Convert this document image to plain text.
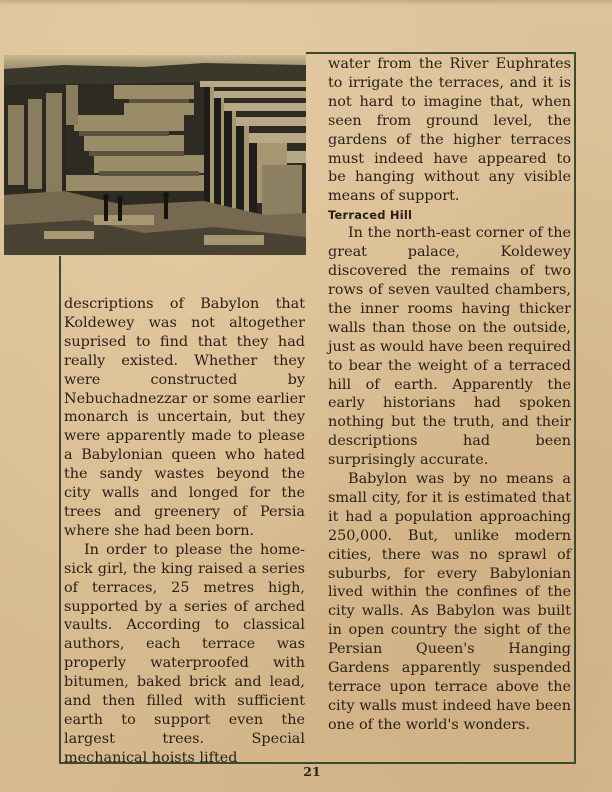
descriptions of Babylon that Koldewey was not altogether suprised to find that they had really existed. Whether they were constructed by Nebuchadnezzar or some earlier monarch is uncertain, but they were apparently made to please a Babylonian queen who hated the sandy wastes beyond the city walls and longed for the trees and greenery of Persia where she had been born.

In order to please the home-sick girl, the king raised a series of terraces, 25 metres high, supported by a series of arched vaults. According to classical authors, each terrace was properly waterproofed with bitumen, baked brick and lead, and then filled with sufficient earth to support even the largest trees. Special mechanical hoists lifted

water from the River Euphrates to irrigate the terraces, and it is not hard to imagine that, when seen from ground level, the gardens of the higher terraces must indeed have appeared to be hanging without any visible means of support.

Terraced Hill

In the north-east corner of the great palace, Koldewey discovered the remains of two rows of seven vaulted chambers, the inner rooms having thicker walls than those on the outside, just as would have been required to bear the weight of a terraced hill of earth. Apparently the early historians had spoken nothing but the truth, and their descriptions had been surprisingly accurate.

Babylon was by no means a small city, for it is estimated that it had a population approaching 250,000. But, unlike modern cities, there was no sprawl of suburbs, for every Babylonian lived within the confines of the city walls. As Babylon was built in open country the sight of the Persian Queen's Hanging Gardens apparently suspended terrace upon terrace above the city walls must indeed have been one of the world's wonders.

21
